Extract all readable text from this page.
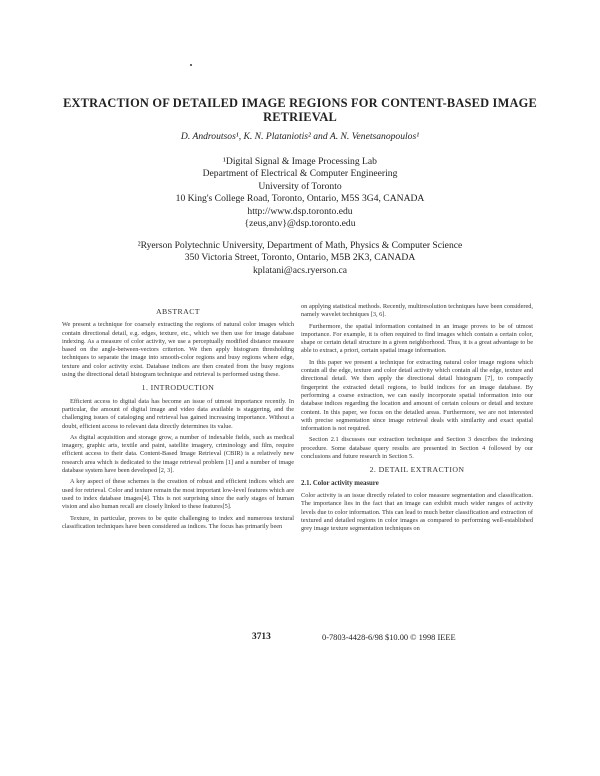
EXTRACTION OF DETAILED IMAGE REGIONS FOR CONTENT-BASED IMAGE RETRIEVAL
D. Androutsos¹, K. N. Plataniotis² and A. N. Venetsanopoulos¹
¹Digital Signal & Image Processing Lab
Department of Electrical & Computer Engineering
University of Toronto
10 King's College Road, Toronto, Ontario, M5S 3G4, CANADA
http://www.dsp.toronto.edu
{zeus,anv}@dsp.toronto.edu
²Ryerson Polytechnic University, Department of Math, Physics & Computer Science
350 Victoria Street, Toronto, Ontario, M5B 2K3, CANADA
kplatani@acs.ryerson.ca
ABSTRACT

We present a technique for coarsely extracting the regions of natural color images which contain directional detail, e.g. edges, texture, etc., which we then use for image database indexing. As a measure of color activity, we use a perceptually modified distance measure based on the angle-between-vectors criterion. We then apply histogram thresholding techniques to separate the image into smooth-color regions and busy regions where edge, texture and color activity exist. Database indices are then created from the busy regions using the directional detail histogram technique and retrieval is performed using these.

1. INTRODUCTION

Efficient access to digital data has become an issue of utmost importance recently. In particular, the amount of digital image and video data available is staggering, and the challenging issues of cataloging and retrieval has gained increasing importance. Without a doubt, efficient access to relevant data directly determines its value.

As digital acquisition and storage grow, a number of indexable fields, such as medical imagery, graphic arts, textile and paint, satellite imagery, criminology and film, require efficient access to their data. Content-Based Image Retrieval (CBIR) is a relatively new research area which is dedicated to the image retrieval problem [1] and a number of image database system have been developed [2, 3].

A key aspect of these schemes is the creation of robust and efficient indices which are used for retrieval. Color and texture remain the most important low-level features which are used to index database images[4]. This is not surprising since the early stages of human vision and also human recall are closely linked to these features[5].

Texture, in particular, proves to be quite challenging to index and numerous textural classification techniques have been considered as indices. The focus has primarily been

on applying statistical methods. Recently, multiresolution techniques have been considered, namely wavelet techniques [3, 6].

Furthermore, the spatial information contained in an image proves to be of utmost importance. For example, it is often required to find images which contain a certain color, shape or certain detail structure in a given neighborhood. Thus, it is a great advantage to be able to extract, a priori, certain spatial image information.

In this paper we present a technique for extracting natural color image regions which contain all the edge, texture and color detail activity which contain all the edge, texture and directional detail. We then apply the directional detail histogram [7], to compactly fingerprint the extracted detail regions, to build indices for an image database. By performing a coarse extraction, we can easily incorporate spatial information into our database indices regarding the location and amount of certain colours or detail and texture content. In this paper, we focus on the detailed areas. Furthermore, we are not interested with precise segmentation since image retrieval deals with similarity and exact spatial information is not required.

Section 2.1 discusses our extraction technique and Section 3 describes the indexing procedure. Some database query results are presented in Section 4 followed by our conclusions and future research in Section 5.

2. DETAIL EXTRACTION
2.1. Color activity measure

Color activity is an issue directly related to color measure segmentation and classification. The importance lies in the fact that an image can exhibit much wider ranges of activity levels due to color information. This can lead to much better classification and extraction of textured and detailed regions in color images as compared to performing well-established grey image texture segmentation techniques on

3713	0-7803-4428-6/98 $10.00 © 1998 IEEE
